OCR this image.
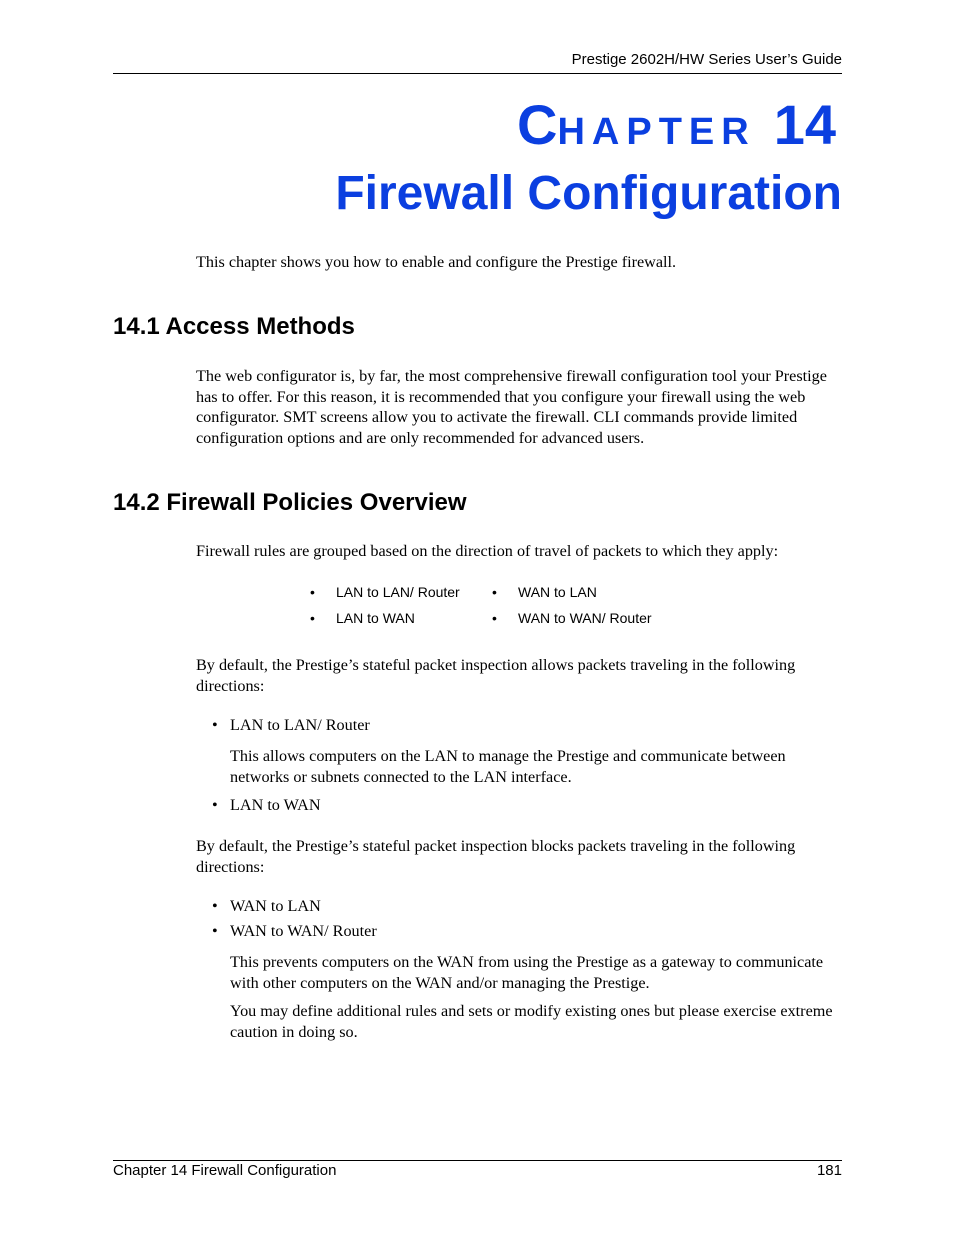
Prestige 2602H/HW Series User’s Guide
CHAPTER 14
Firewall Configuration

This chapter shows you how to enable and configure the Prestige firewall.

14.1 Access Methods

The web configurator is, by far, the most comprehensive firewall configuration tool your Prestige has to offer. For this reason, it is recommended that you configure your firewall using the web configurator. SMT screens allow you to activate the firewall. CLI commands provide limited configuration options and are only recommended for advanced users.

14.2 Firewall Policies Overview

Firewall rules are grouped based on the direction of travel of packets to which they apply:

• LAN to LAN/ Router • WAN to LAN
• LAN to WAN	• WAN to WAN/ Router

By default, the Prestige’s stateful packet inspection allows packets traveling in the following directions:

• LAN to LAN/ Router

This allows computers on the LAN to manage the Prestige and communicate between networks or subnets connected to the LAN interface.

• LAN to WAN

By default, the Prestige’s stateful packet inspection blocks packets traveling in the following directions:

• WAN to LAN
• WAN to WAN/ Router

This prevents computers on the WAN from using the Prestige as a gateway to communicate with other computers on the WAN and/or managing the Prestige.

You may define additional rules and sets or modify existing ones but please exercise extreme caution in doing so.

Chapter 14 Firewall Configuration	181
